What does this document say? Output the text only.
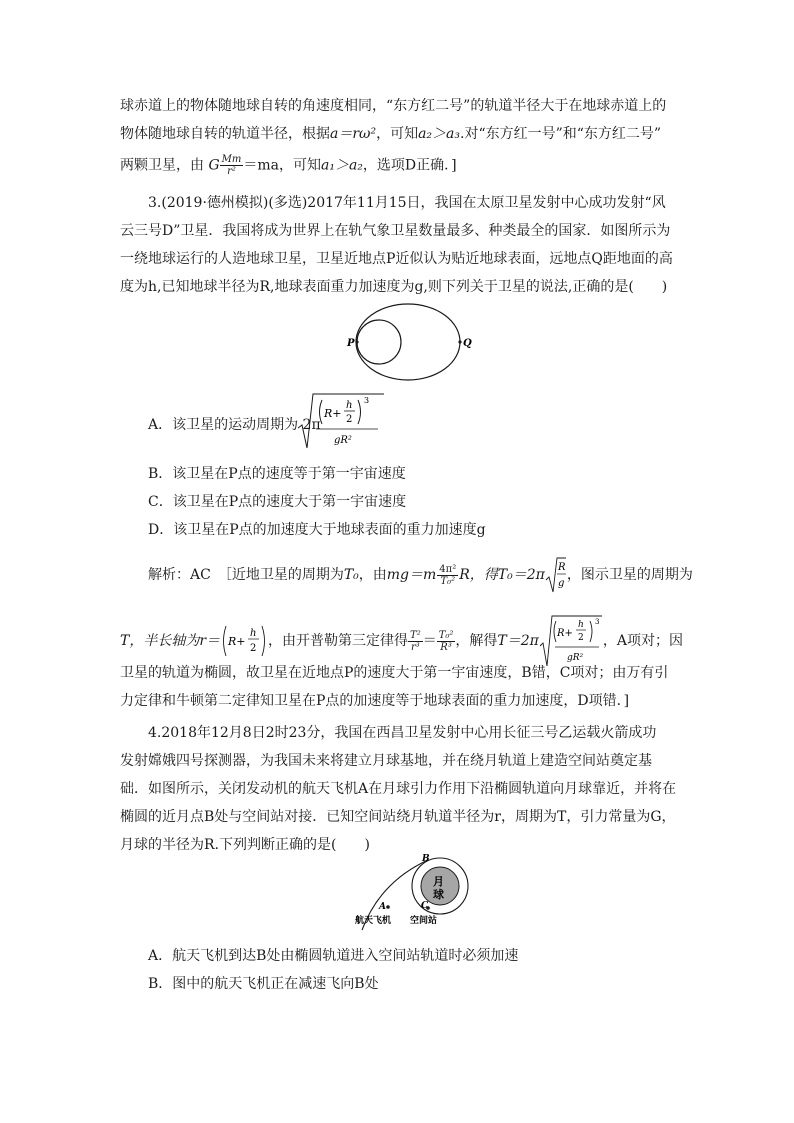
球赤道上的物体随地球自转的角速度相同，“东方红二号”的轨道半径大于在地球赤道上的
物体随地球自转的轨道半径，根据a＝rω²，可知a₂＞a₃.对“东方红一号”和“东方红二号”
两颗卫星，由 G $\frac{Mm}{\text{r²}} =ma$，可知a₁＞a₂，选项D正确．]
3.(2019·德州模拟)(多选)2017年11月15日，我国在太原卫星发射中心成功发射“风
云三号D”卫星．我国将成为世界上在轨气象卫星数量最多、种类最全的国家．如图所示为
一绕地球运行的人造地球卫星，卫星近地点P近似认为贴近地球表面，远地点Q距地面的高
度为h,已知地球半径为R,地球表面重力加速度为g,则下列关于卫星的说法,正确的是(　　)
P	Q
A．该卫星的运动周期为 2π
R+
h
2
3
gR²
B．该卫星在P点的速度等于第一宇宙速度
C．该卫星在P点的速度大于第一宇宙速度
D．该卫星在P点的加速度大于地球表面的重力加速度g
解析：AC　［近地卫星的周期为T₀，由$mg=m \frac{\text{4π²}}{\text{T₀²}}$ R，得T₀＝2π R
g
，图示卫星的周期为
T，半长轴为r＝ R+
h
2 ，由开普勒第三定律得 $\frac{\text{T²}}{\text{r³}} = \frac{\text{T₀²}}{\text{R³}}$ ，解得T＝2π R+
h
2
3
gR²
，A项对；因
卫星的轨道为椭圆，故卫星在近地点P的速度大于第一宇宙速度，B错，C项对；由万有引
力定律和牛顿第二定律知卫星在P点的加速度等于地球表面的重力加速度，D项错．]
4.2018年12月8日2时23分，我国在西昌卫星发射中心用长征三号乙运载火箭成功
发射嫦娥四号探测器，为我国未来将建立月球基地，并在绕月轨道上建造空间站奠定基
础．如图所示，关闭发动机的航天飞机A在月球引力作用下沿椭圆轨道向月球靠近，并将在
椭圆的近月点B处与空间站对接．已知空间站绕月轨道半径为r，周期为T，引力常量为G，
月球的半径为R.下列判断正确的是(　　)
月
球
A
B
C
航天飞机 空间站
A．航天飞机到达B处由椭圆轨道进入空间站轨道时必须加速
B．图中的航天飞机正在减速飞向B处
